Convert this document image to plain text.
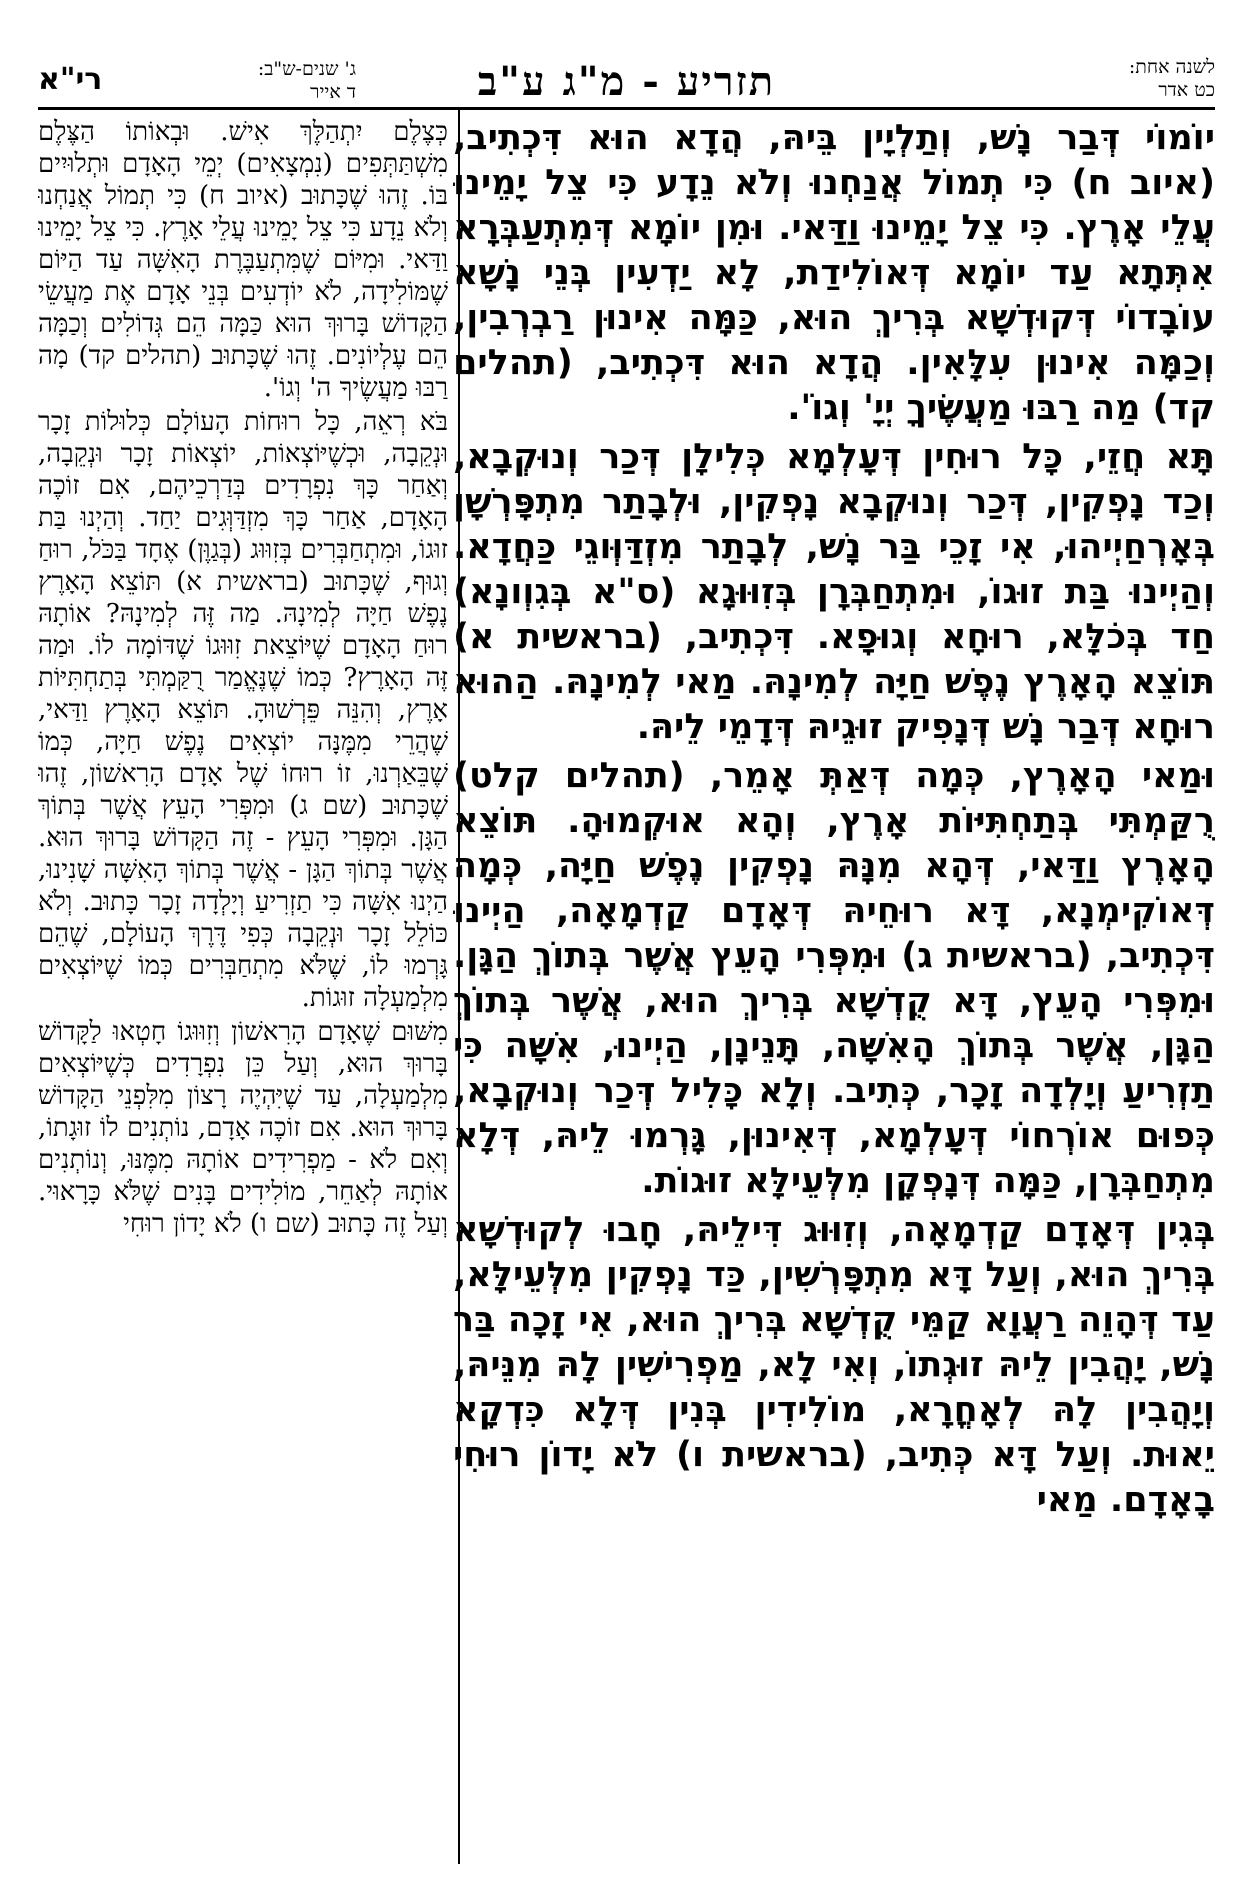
רי"א	ג' שנים-ש"ב:
ד אייר	תזריע - מ"ג ע"ב	לשנה אחת:
כט אדר

יוֹמוֹי דְּבַר נָשׁ, וְתַלְיָין בֵּיהּ, הֲדָא הוּא דִּכְתִיב, (איוב ח) כִּי תְמוֹל אֲנַחְנוּ וְלֹא נֵדָע כִּי צֵל יָמֵינוּ עֲלֵי אָרֶץ. כִּי צֵל יָמֵינוּ וַדַּאי. וּמִן יוֹמָא דְּמִתְעַבְּרָא אִתְּתָא עַד יוֹמָא דְּאוֹלִידַת, לָא יַדְעִין בְּנֵי נָשָׁא עוֹבָדוֹי דְּקוּדְשָׁא בְּרִיךְ הוּא, כַּמָּה אִינוּן רַבְרְבִין, וְכַמָּה אִינוּן עִלָּאִין. הֲדָא הוּא דִּכְתִיב, (תהלים קד) מַה רַבּוּ מַעֲשֶׂיךָ יְיָ' וְגוֹ'.

תָּא חֲזֵי, כָּל רוּחִין דְּעָלְמָא כְּלִילָן דְּכַר וְנוּקְבָא, וְכַד נָפְקִין, דְּכַר וְנוּקְבָא נָפְקִין, וּלְבָתַר מִתְפָּרְשָׁן בְּאָרְחַיְיהוּ, אִי זָכֵי בַּר נָשׁ, לְבָתַר מִזְדַּוְּוגֵי כַּחֲדָא. וְהַיְינוּ בַּת זוּגוֹ, וּמִתְחַבְּרָן בְּזִוּוּגָא (ס"א בְּגִוְונָא) חַד בְּכֹלָּא, רוּחָא וְגוּפָא. דִּכְתִיב, (בראשית א) תּוֹצֵא הָאָרֶץ נֶפֶשׁ חַיָּה לְמִינָהּ. מַאי לְמִינָהּ. הַהוּא רוּחָא דְּבַר נָשׁ דְּנָפִיק זוּגֵיהּ דְּדָמֵי לֵיהּ.

וּמַאי הָאָרֶץ, כְּמָה דְּאַתְּ אָמֵר, (תהלים קלט) רֻקַּמְתִּי בְּתַחְתִּיּוֹת אָרֶץ, וְהָא אוּקְמוּהָ. תּוֹצֵא הָאָרֶץ וַדַּאי, דְּהָא מִנָּהּ נָפְקִין נֶפֶשׁ חַיָּה, כְּמָה דְּאוֹקִימְנָא, דָּא רוּחֵיהּ דְּאָדָם קַדְמָאָה, הַיְינוּ דִּכְתִיב, (בראשית ג) וּמִפְּרִי הָעֵץ אֲשֶׁר בְּתוֹךְ הַגָּן. וּמִפְּרִי הָעֵץ, דָּא קֻדְשָׁא בְּרִיךְ הוּא, אֲשֶׁר בְּתוֹךְ הַגָּן, אֲשֶׁר בְּתוֹךְ הָאִשָּׁה, תָּנֵינָן, הַיְינוּ, אִשָּׁה כִּי תַזְרִיעַ וְיָלְדָה זָכָר, כְּתִיב. וְלָא כָּלִיל דְּכַר וְנוּקְבָא, כְּפוּם אוֹרְחוֹי דְּעָלְמָא, דְּאִינוּן, גָּרְמוּ לֵיהּ, דְּלָא מִתְחַבְּרָן, כַּמָּה דְּנָפְקָן מִלְּעֵילָּא זוּגוֹת.

בְּגִין דְּאָדָם קַדְמָאָה, וְזִוּוּג דִּילֵיהּ, חָבוּ לְקוּדְשָׁא בְּרִיךְ הוּא, וְעַל דָּא מִתְפָּרְשִׁין, כַּד נָפְקִין מִלְּעֵילָּא, עַד דְּהָוֵה רַעֲוָא קַמֵּי קֻדְשָׁא בְּרִיךְ הוּא, אִי זָכָה בַּר נָשׁ, יָהֲבִין לֵיהּ זוּגְתוֹ, וְאִי לָא, מַפְרִישִׁין לָהּ מִנֵּיהּ, וְיָהֲבִין לָהּ לְאָחֳרָא, מוֹלִידִין בְּנִין דְּלָא כִּדְקָא יֵאוּת. וְעַל דָּא כְּתִיב, (בראשית ו) לֹא יָדוֹן רוּחִי בָאָדָם. מַאי

כְּצֶלֶם יִתְהַלֶּךְ אִישׁ. וּבְאוֹתוֹ הַצֶּלֶם מִשְׁתַּתְּפִים (נִמְצָאִים) יְמֵי הָאָדָם וּתְלוּיִים בּוֹ. זֶהוּ שֶׁכָּתוּב (איוב ח) כִּי תְמוֹל אֲנַחְנוּ וְלֹא נֵדָע כִּי צֵל יָמֵינוּ עֲלֵי אָרֶץ. כִּי צֵל יָמֵינוּ וַדַּאי. וּמִיּוֹם שֶׁמִּתְעַבֶּרֶת הָאִשָּׁה עַד הַיּוֹם שֶׁמּוֹלִידָה, לֹא יוֹדְעִים בְּנֵי אָדָם אֶת מַעֲשֵׂי הַקָּדוֹשׁ בָּרוּךְ הוּא כַּמָּה הֵם גְּדוֹלִים וְכַמָּה הֵם עֶלְיוֹנִים. זֶהוּ שֶׁכָּתוּב (תהלים קד) מָה רַבּוּ מַעֲשֶׂיךָ ה' וְגוֹ'.

בֹּא רְאֵה, כָּל רוּחוֹת הָעוֹלָם כְּלוּלוֹת זָכָר וּנְקֵבָה, וּכְשֶׁיּוֹצְאוֹת, יוֹצְאוֹת זָכָר וּנְקֵבָה, וְאַחַר כָּךְ נִפְרָדִים בְּדַרְכֵיהֶם, אִם זוֹכֶה הָאָדָם, אַחַר כָּךְ מִזְדַּוְּגִים יַחַד. וְהַיְנוּ בַּת זוּגוֹ, וּמִתְחַבְּרִים בְּזִוּוּג (בְּגַוֶּן) אֶחָד בַּכֹּל, רוּחַ וְגוּף, שֶׁכָּתוּב (בראשית א) תּוֹצֵא הָאָרֶץ נֶפֶשׁ חַיָּה לְמִינָהּ. מַה זֶּה לְמִינָהּ? אוֹתָהּ רוּחַ הָאָדָם שֶׁיּוֹצֵאת זִוּוּגוֹ שֶׁדּוֹמָה לוֹ. וּמַה זֶּה הָאָרֶץ? כְּמוֹ שֶׁנֶּאֱמַר רֻקַּמְתִּי בְּתַחְתִּיּוֹת אָרֶץ, וְהִנֵּה פֵּרְשׁוּהָ. תּוֹצֵא הָאָרֶץ וַדַּאי, שֶׁהֲרֵי מִמֶּנָּה יוֹצְאִים נֶפֶשׁ חַיָּה, כְּמוֹ שֶׁבֵּאַרְנוּ, זוֹ רוּחוֹ שֶׁל אָדָם הָרִאשׁוֹן, זֶהוּ שֶׁכָּתוּב (שם ג) וּמִפְּרִי הָעֵץ אֲשֶׁר בְּתוֹךְ הַגָּן. וּמִפְּרִי הָעֵץ - זֶה הַקָּדוֹשׁ בָּרוּךְ הוּא. אֲשֶׁר בְּתוֹךְ הַגָּן - אֲשֶׁר בְּתוֹךְ הָאִשָּׁה שָׁנִינוּ, הַיְנוּ אִשָּׁה כִּי תַזְרִיעַ וְיָלְדָה זָכָר כָּתוּב. וְלֹא כּוֹלֵל זָכָר וּנְקֵבָה כְּפִי דֶּרֶךְ הָעוֹלָם, שֶׁהֵם גָּרְמוּ לוֹ, שֶׁלֹּא מִתְחַבְּרִים כְּמוֹ שֶׁיּוֹצְאִים מִלְמַעְלָה זוּגוֹת.

מִשּׁוּם שֶׁאָדָם הָרִאשׁוֹן וְזִוּוּגוֹ חָטְאוּ לַקָּדוֹשׁ בָּרוּךְ הוּא, וְעַל כֵּן נִפְרָדִים כְּשֶׁיּוֹצְאִים מִלְמַעְלָה, עַד שֶׁיִּהְיֶה רָצוֹן מִלִּפְנֵי הַקָּדוֹשׁ בָּרוּךְ הוּא. אִם זוֹכֶה אָדָם, נוֹתְנִים לוֹ זוּגָתוֹ, וְאִם לֹא - מַפְרִידִים אוֹתָהּ מִמֶּנּוּ, וְנוֹתְנִים אוֹתָהּ לְאַחֵר, מוֹלִידִים בָּנִים שֶׁלֹּא כָּרָאוּי. וְעַל זֶה כָּתוּב (שם ו) לֹא יָדוֹן רוּחִי
